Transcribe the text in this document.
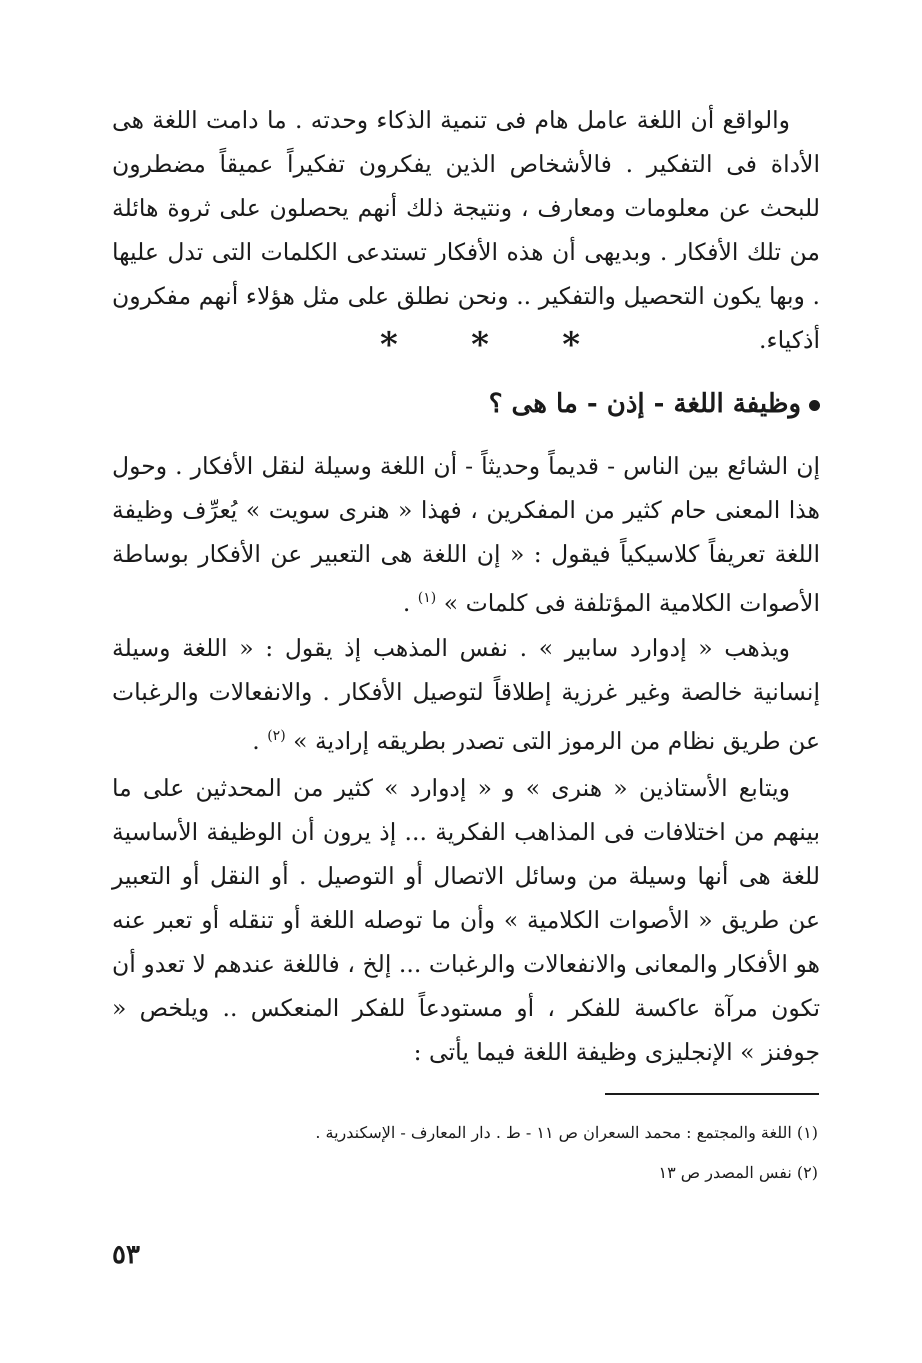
والواقع أن اللغة عامل هام فى تنمية الذكاء وحدته . ما دامت اللغة هى الأداة فى التفكير . فالأشخاص الذين يفكرون تفكيراً عميقاً مضطرون للبحث عن معلومات ومعارف ، ونتيجة ذلك أنهم يحصلون على ثروة هائلة من تلك الأفكار . وبديهى أن هذه الأفكار تستدعى الكلمات التى تدل عليها . وبها يكون التحصيل والتفكير .. ونحن نطلق على مثل هؤلاء أنهم مفكرون أذكياء.

* * *
وظيفة اللغة - إذن - ما هى ؟

إن الشائع بين الناس - قديماً وحديثاً - أن اللغة وسيلة لنقل الأفكار . وحول هذا المعنى حام كثير من المفكرين ، فهذا « هنرى سويت » يُعرِّف وظيفة اللغة تعريفاً كلاسيكياً فيقول : « إن اللغة هى التعبير عن الأفكار بوساطة الأصوات الكلامية المؤتلفة فى كلمات » $^{(١)}$ .

ويذهب « إدوارد سابير » . نفس المذهب إذ يقول : « اللغة وسيلة إنسانية خالصة وغير غرزية إطلاقاً لتوصيل الأفكار . والانفعالات والرغبات عن طريق نظام من الرموز التى تصدر بطريقه إرادية » $^{(٢)}$ .

ويتابع الأستاذين « هنرى » و « إدوارد » كثير من المحدثين على ما بينهم من اختلافات فى المذاهب الفكرية ... إذ يرون أن الوظيفة الأساسية للغة هى أنها وسيلة من وسائل الاتصال أو التوصيل . أو النقل أو التعبير عن طريق « الأصوات الكلامية » وأن ما توصله اللغة أو تنقله أو تعبر عنه هو الأفكار والمعانى والانفعالات والرغبات ... إلخ ، فاللغة عندهم لا تعدو أن تكون مرآة عاكسة للفكر ، أو مستودعاً للفكر المنعكس .. ويلخص « جوفنز » الإنجليزى وظيفة اللغة فيما يأتى :

(١) اللغة والمجتمع : محمد السعران ص ١١ - ط . دار المعارف - الإسكندرية .
(٢) نفس المصدر ص ١٣
٥٣
